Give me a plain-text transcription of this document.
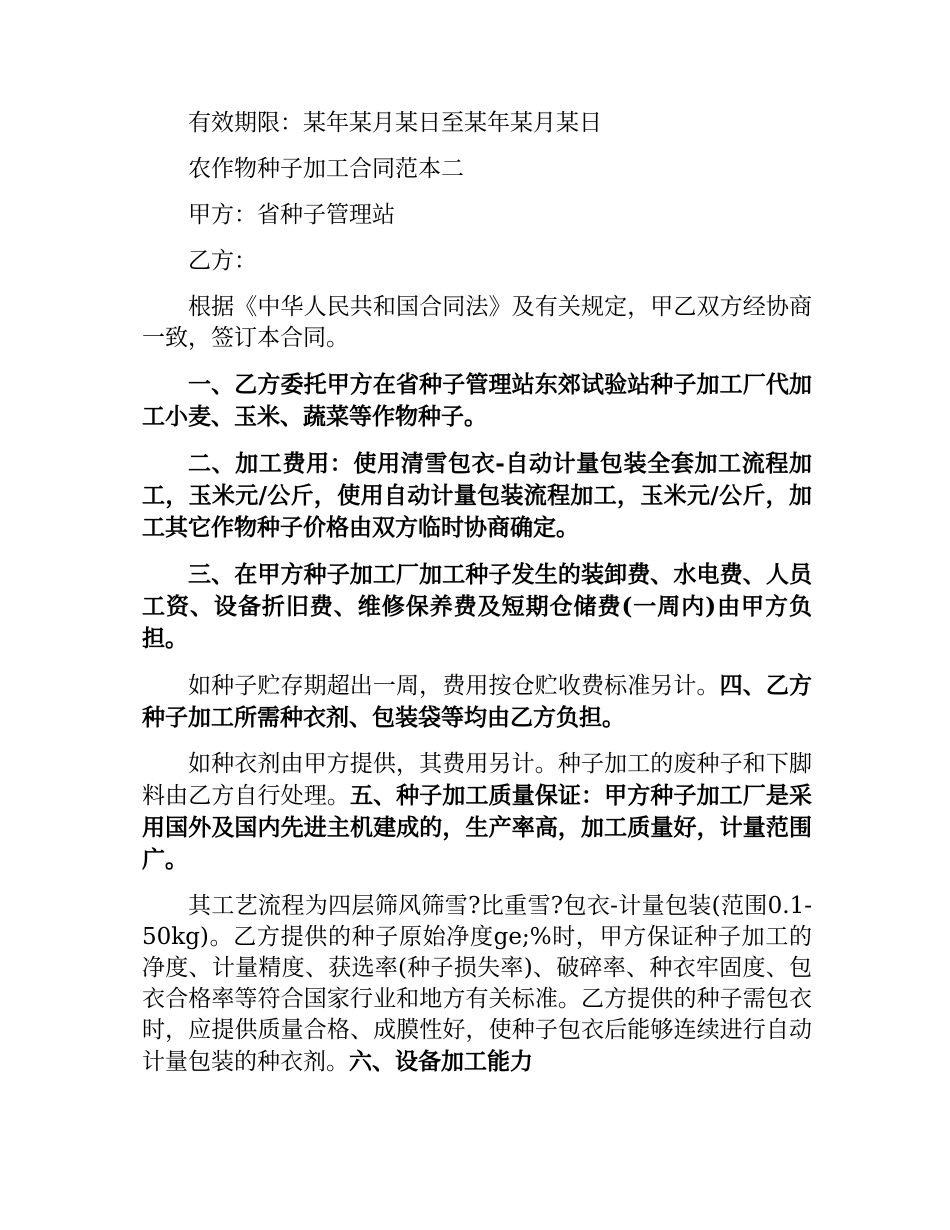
有效期限：某年某月某日至某年某月某日

农作物种子加工合同范本二

甲方：省种子管理站

乙方：

根据《中华人民共和国合同法》及有关规定，甲乙双方经协商一致，签订本合同。

一、乙方委托甲方在省种子管理站东郊试验站种子加工厂代加工小麦、玉米、蔬菜等作物种子。

二、加工费用：使用清雪包衣-自动计量包装全套加工流程加工，玉米元/公斤，使用自动计量包装流程加工，玉米元/公斤，加工其它作物种子价格由双方临时协商确定。

三、在甲方种子加工厂加工种子发生的装卸费、水电费、人员工资、设备折旧费、维修保养费及短期仓储费(一周内)由甲方负担。

如种子贮存期超出一周，费用按仓贮收费标准另计。四、乙方种子加工所需种衣剂、包装袋等均由乙方负担。

如种衣剂由甲方提供，其费用另计。种子加工的废种子和下脚料由乙方自行处理。五、种子加工质量保证：甲方种子加工厂是采用国外及国内先进主机建成的，生产率高，加工质量好，计量范围广。

其工艺流程为四层筛风筛雪?比重雪?包衣-计量包装(范围0.1-50kg)。乙方提供的种子原始净度ge;%时，甲方保证种子加工的净度、计量精度、获选率(种子损失率)、破碎率、种衣牢固度、包衣合格率等符合国家行业和地方有关标准。乙方提供的种子需包衣时，应提供质量合格、成膜性好，使种子包衣后能够连续进行自动计量包装的种衣剂。六、设备加工能力
